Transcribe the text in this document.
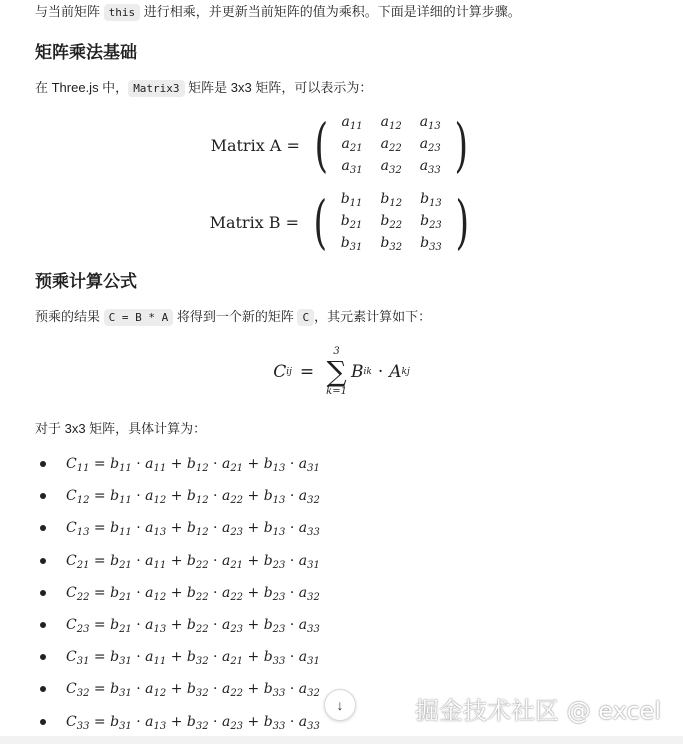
与当前矩阵 this 进行相乘，并更新当前矩阵的值为乘积。下面是详细的计算步骤。
矩阵乘法基础
在 Three.js 中， Matrix3 矩阵是 3x3 矩阵，可以表示为：
Matrix A = ( $a_{11}$	$a_{12}$	$a_{13}$
$a_{21}$	$a_{22}$	$a_{23}$
$a_{31}$	$a_{32}$	$a_{33}$ )
Matrix B = ( $b_{11}$	$b_{12}$	$b_{13}$
$b_{21}$	$b_{22}$	$b_{23}$
$b_{31}$	$b_{32}$	$b_{33}$ )
预乘计算公式
预乘的结果 C = B * A 将得到一个新的矩阵 C ，其元素计算如下：
C ij =
3
∑
k=1
B ik · A kj
对于 3x3 矩阵，具体计算为：
$C_{11} = b_{11} \cdot a_{11} + b_{12} \cdot a_{21} + b_{13} \cdot a_{31}$
$C_{12} = b_{11} \cdot a_{12} + b_{12} \cdot a_{22} + b_{13} \cdot a_{32}$
$C_{13} = b_{11} \cdot a_{13} + b_{12} \cdot a_{23} + b_{13} \cdot a_{33}$
$C_{21} = b_{21} \cdot a_{11} + b_{22} \cdot a_{21} + b_{23} \cdot a_{31}$
$C_{22} = b_{21} \cdot a_{12} + b_{22} \cdot a_{22} + b_{23} \cdot a_{32}$
$C_{23} = b_{21} \cdot a_{13} + b_{22} \cdot a_{23} + b_{23} \cdot a_{33}$
$C_{31} = b_{31} \cdot a_{11} + b_{32} \cdot a_{21} + b_{33} \cdot a_{31}$
$C_{32} = b_{31} \cdot a_{12} + b_{32} \cdot a_{22} + b_{33} \cdot a_{32}$
$C_{33} = b_{31} \cdot a_{13} + b_{32} \cdot a_{23} + b_{33} \cdot a_{33}$
↓	掘金技术社区 @ excel
